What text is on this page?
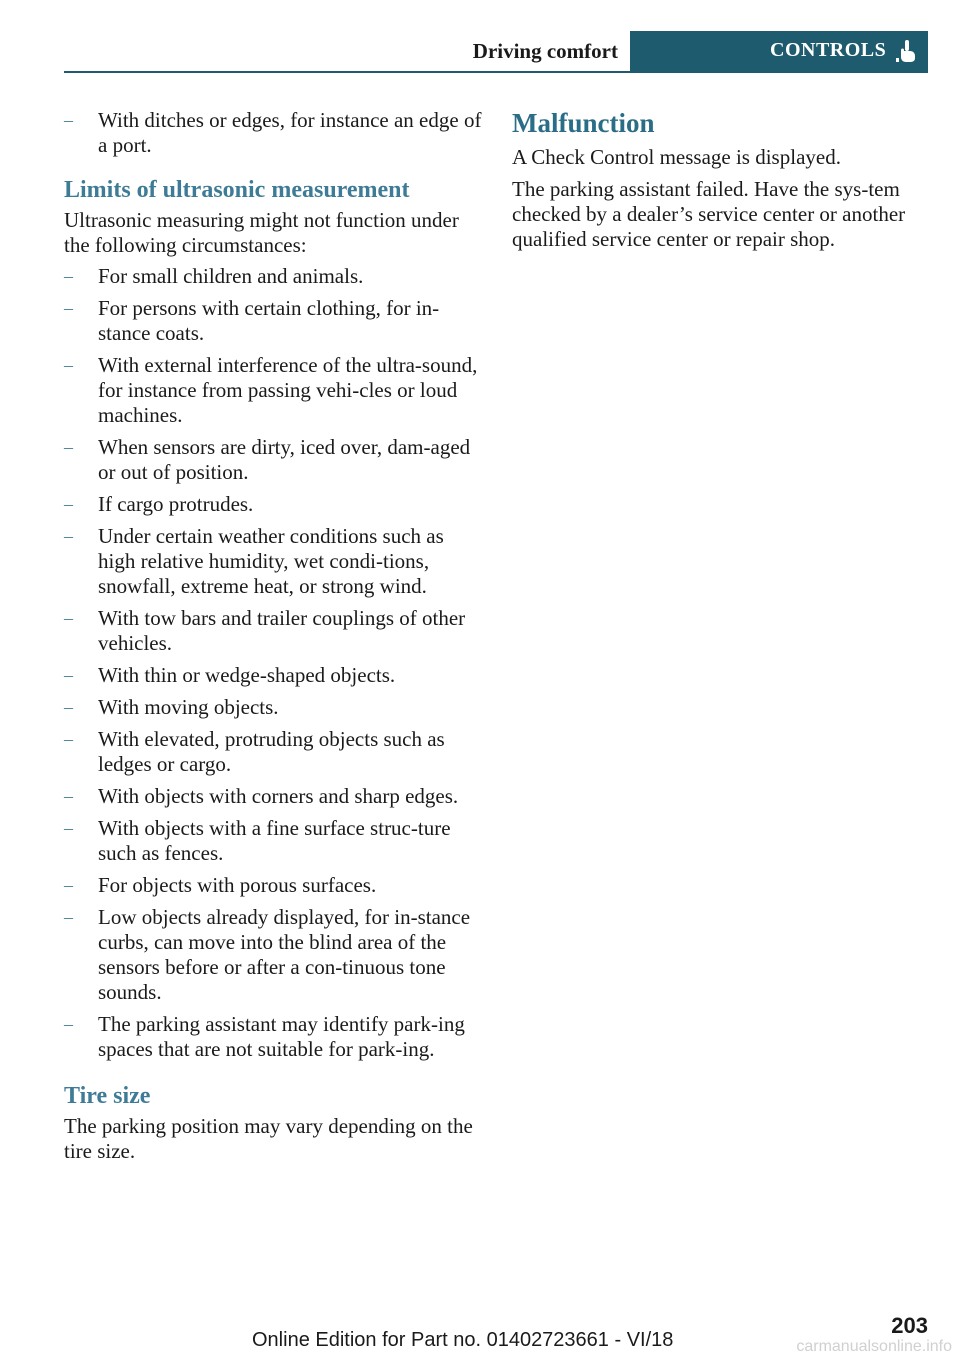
Driving comfort	CONTROLS
– With ditches or edges, for instance an edge of a port.
Limits of ultrasonic measurement

Ultrasonic measuring might not function under the following circumstances:

– For small children and animals.
– For persons with certain clothing, for in-stance coats.
– With external interference of the ultra-sound, for instance from passing vehi-cles or loud machines.
– When sensors are dirty, iced over, dam-aged or out of position.
– If cargo protrudes.
– Under certain weather conditions such as high relative humidity, wet condi-tions, snowfall, extreme heat, or strong wind.
– With tow bars and trailer couplings of other vehicles.
– With thin or wedge-shaped objects.
– With moving objects.
– With elevated, protruding objects such as ledges or cargo.
– With objects with corners and sharp edges.
– With objects with a fine surface struc-ture such as fences.
– For objects with porous surfaces.
– Low objects already displayed, for in-stance curbs, can move into the blind area of the sensors before or after a con-tinuous tone sounds.
– The parking assistant may identify park-ing spaces that are not suitable for park-ing.
Tire size

The parking position may vary depending on the tire size.

Malfunction

A Check Control message is displayed.

The parking assistant failed. Have the sys-tem checked by a dealer’s service center or another qualified service center or repair shop.

203
Online Edition for Part no. 01402723661 - VI/18	carmanualsonline.info
